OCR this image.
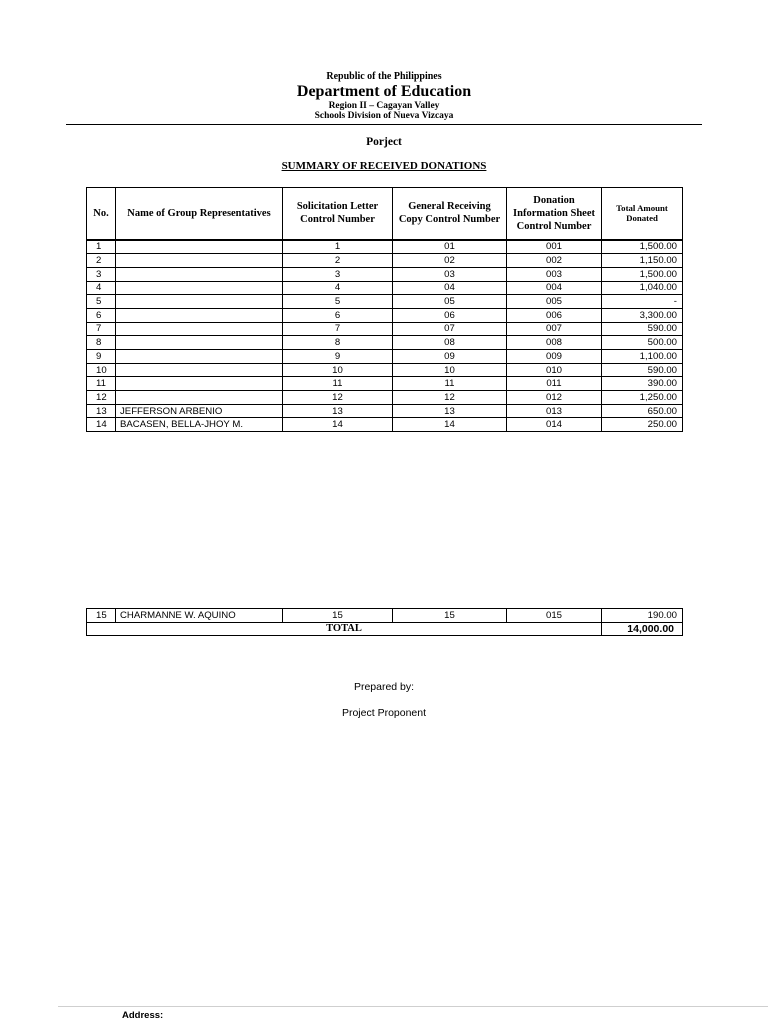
Republic of the Philippines
Department of Education
Region II – Cagayan Valley
Schools Division of Nueva Vizcaya
Porject
SUMMARY OF RECEIVED DONATIONS
No.	Name of Group Representatives	Solicitation Letter Control Number	General Receiving Copy Control Number	Donation Information Sheet Control Number	Total Amount Donated
1		1	01	001	1,500.00
2		2	02	002	1,150.00
3		3	03	003	1,500.00
4		4	04	004	1,040.00
5		5	05	005	-
6		6	06	006	3,300.00
7		7	07	007	590.00
8		8	08	008	500.00
9		9	09	009	1,100.00
10		10	10	010	590.00
11		11	11	011	390.00
12		12	12	012	1,250.00
13	JEFFERSON ARBENIO	13	13	013	650.00
14	BACASEN, BELLA-JHOY M.	14	14	014	250.00
15	CHARMANNE W. AQUINO	15	15	015	190.00
TOTAL					14,000.00
Prepared by:
Project Proponent
Address:
